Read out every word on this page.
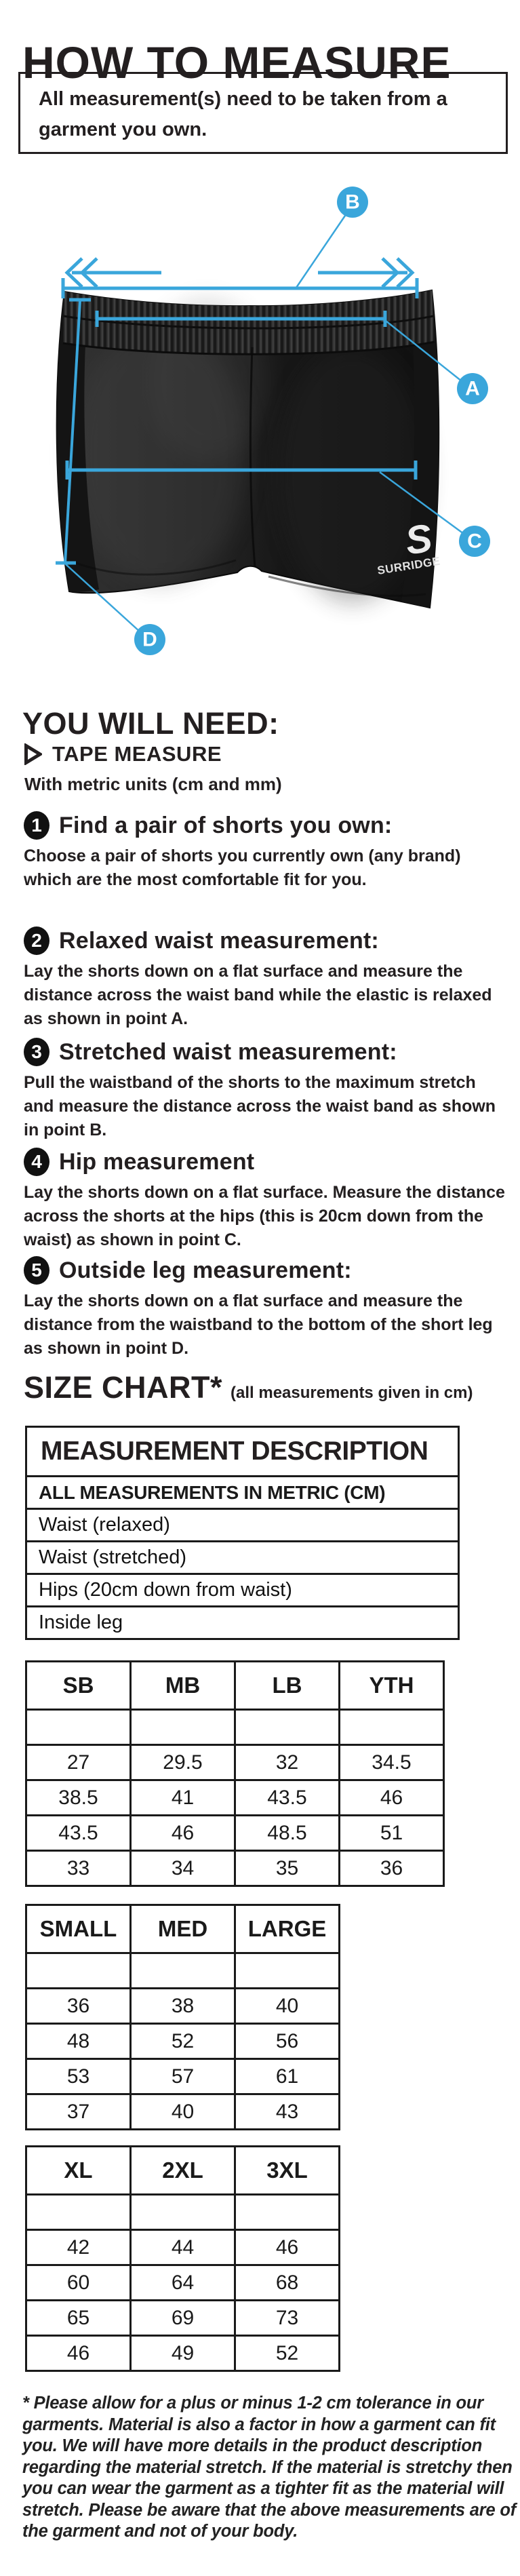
HOW TO MEASURE
All measurement(s) need to be taken from a
garment you own.
S
SURRIDGE
B
A
C
D
YOU WILL NEED:
TAPE MEASURE
With metric units (cm and mm)
1 Find a pair of shorts you own:
Choose a pair of shorts you currently own (any brand) which are the most comfortable fit for you.
2 Relaxed waist measurement:
Lay the shorts down on a flat surface and measure the distance across the waist band while the elastic is relaxed as shown in point A.
3 Stretched waist measurement:
Pull the waistband of the shorts to the maximum stretch and measure the distance across the waist band as shown in point B.
4 Hip measurement
Lay the shorts down on a flat surface. Measure the distance across the shorts at the hips (this is 20cm down from the waist) as shown in point C.
5 Outside leg measurement:
Lay the shorts down on a flat surface and measure the distance from the waistband to the bottom of the short leg as shown in point D.
SIZE CHART* (all measurements given in cm)
MEASUREMENT DESCRIPTION
ALL MEASUREMENTS IN METRIC (CM)
Waist (relaxed)
Waist (stretched)
Hips (20cm down from waist)
Inside leg
SB	MB	LB	YTH

27	29.5	32	34.5
38.5	41	43.5	46
43.5	46	48.5	51
33	34	35	36
SMALL	MED	LARGE

36	38	40
48	52	56
53	57	61
37	40	43
XL	2XL	3XL

42	44	46
60	64	68
65	69	73
46	49	52
* Please allow for a plus or minus 1-2 cm tolerance in our garments. Material is also a factor in how a garment can fit you. We will have more details in the product description regarding the material stretch. If the material is stretchy then you can wear the garment as a tighter fit as the material will stretch. Please be aware that the above measurements are of the garment and not of your body.
